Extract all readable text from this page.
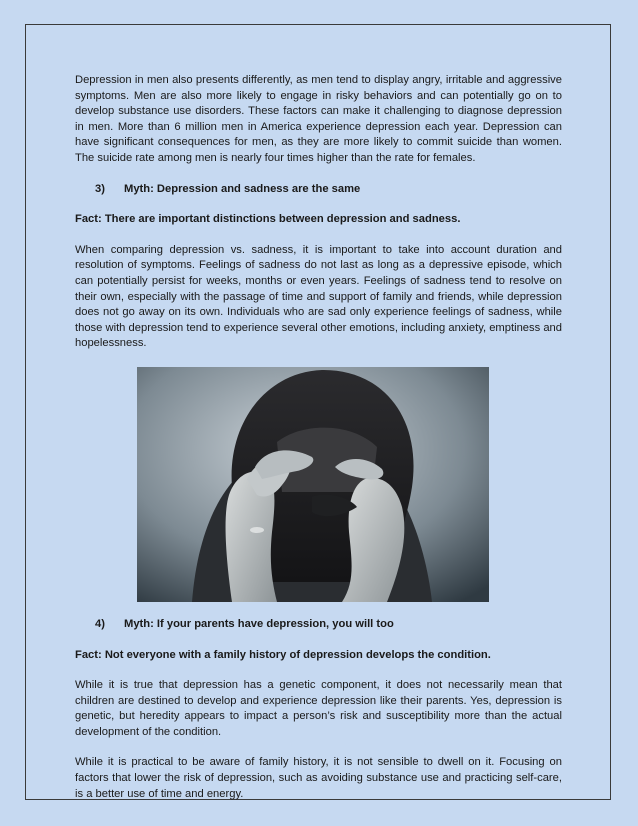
Depression in men also presents differently, as men tend to display angry, irritable and aggressive symptoms. Men are also more likely to engage in risky behaviors and can potentially go on to develop substance use disorders. These factors can make it challenging to diagnose depression in men. More than 6 million men in America experience depression each year. Depression can have significant consequences for men, as they are more likely to commit suicide than women. The suicide rate among men is nearly four times higher than the rate for females.

3)	Myth: Depression and sadness are the same

Fact: There are important distinctions between depression and sadness.

When comparing depression vs. sadness, it is important to take into account duration and resolution of symptoms. Feelings of sadness do not last as long as a depressive episode, which can potentially persist for weeks, months or even years. Feelings of sadness tend to resolve on their own, especially with the passage of time and support of family and friends, while depression does not go away on its own. Individuals who are sad only experience feelings of sadness, while those with depression tend to experience several other emotions, including anxiety, emptiness and hopelessness.

4)	Myth: If your parents have depression, you will too

Fact: Not everyone with a family history of depression develops the condition.

While it is true that depression has a genetic component, it does not necessarily mean that children are destined to develop and experience depression like their parents. Yes, depression is genetic, but heredity appears to impact a person’s risk and susceptibility more than the actual development of the condition.

While it is practical to be aware of family history, it is not sensible to dwell on it. Focusing on factors that lower the risk of depression, such as avoiding substance use and practicing self-care, is a better use of time and energy.
